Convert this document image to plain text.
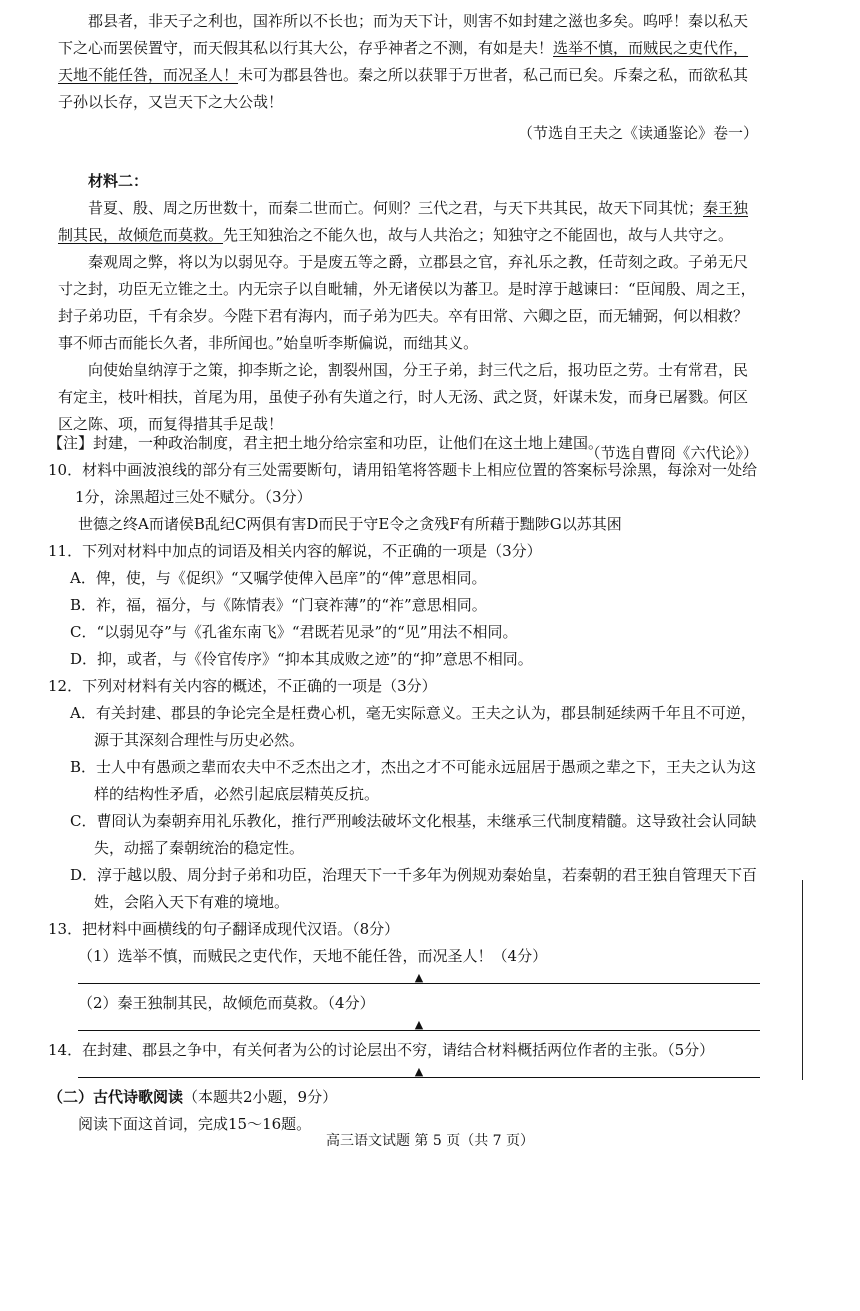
郡县者，非天子之利也，国祚所以不长也；而为天下计，则害不如封建之滋也多矣。呜呼！秦以私天

下之心而罢侯置守，而天假其私以行其大公，存乎神者之不测，有如是夫！选举不慎，而贼民之吏代作，

天地不能任咎，而况圣人！未可为郡县咎也。秦之所以获罪于万世者，私己而已矣。斥秦之私，而欲私其

子孙以长存，又岂天下之大公哉！

（节选自王夫之《读通鉴论》卷一）

材料二：

昔夏、殷、周之历世数十，而秦二世而亡。何则？三代之君，与天下共其民，故天下同其忧；秦王独制其民，故倾危而莫救。先王知独治之不能久也，故与人共治之；知独守之不能固也，故与人共守之。

秦观周之弊，将以为以弱见夺。于是废五等之爵，立郡县之官，弃礼乐之教，任苛刻之政。子弟无尺寸之封，功臣无立锥之土。内无宗子以自毗辅，外无诸侯以为蕃卫。是时淳于越谏曰：“臣闻殷、周之王，封子弟功臣，千有余岁。今陛下君有海内，而子弟为匹夫。卒有田常、六卿之臣，而无辅弼，何以相救？事不师古而能长久者，非所闻也。”始皇听李斯偏说，而绌其义。

向使始皇纳淳于之策，抑李斯之论，割裂州国，分王子弟，封三代之后，报功臣之劳。士有常君，民有定主，枝叶相扶，首尾为用，虽使子孙有失道之行，时人无汤、武之贤，奸谋未发，而身已屠戮。何区区之陈、项，而复得措其手足哉！

（节选自曹冏《六代论》）

【注】封建，一种政治制度，君主把土地分给宗室和功臣，让他们在这土地上建国。

10．材料中画波浪线的部分有三处需要断句，请用铅笔将答题卡上相应位置的答案标号涂黑，每涂对一处给1分，涂黑超过三处不赋分。（3分）

世德之终A而诸侯B乱纪C两俱有害D而民于守E令之贪残F有所藉于黜陟G以苏其困

11．下列对材料中加点的词语及相关内容的解说，不正确的一项是（3分）

A．俾，使，与《促织》“又嘱学使俾入邑庠”的“俾”意思相同。
B．祚，福，福分，与《陈情表》“门衰祚薄”的“祚”意思相同。
C．“以弱见夺”与《孔雀东南飞》“君既若见录”的“见”用法不相同。
D．抑，或者，与《伶官传序》“抑本其成败之迹”的“抑”意思不相同。

12．下列对材料有关内容的概述，不正确的一项是（3分）

A．有关封建、郡县的争论完全是枉费心机，毫无实际意义。王夫之认为，郡县制延续两千年且不可逆，源于其深刻合理性与历史必然。
B．士人中有愚顽之辈而农夫中不乏杰出之才，杰出之才不可能永远屈居于愚顽之辈之下，王夫之认为这样的结构性矛盾，必然引起底层精英反抗。
C．曹冏认为秦朝弃用礼乐教化，推行严刑峻法破坏文化根基，未继承三代制度精髓。这导致社会认同缺失，动摇了秦朝统治的稳定性。
D．淳于越以殷、周分封子弟和功臣，治理天下一千多年为例规劝秦始皇，若秦朝的君王独自管理天下百姓，会陷入天下有难的境地。

13．把材料中画横线的句子翻译成现代汉语。（8分）

（1）选举不慎，而贼民之吏代作，天地不能任咎，而况圣人！（4分）

▲

（2）秦王独制其民，故倾危而莫救。（4分）

▲

14．在封建、郡县之争中，有关何者为公的讨论层出不穷，请结合材料概括两位作者的主张。（5分）

▲

（二）古代诗歌阅读（本题共2小题，9分）

阅读下面这首词，完成15～16题。

高三语文试题 第 5 页（共 7 页）
